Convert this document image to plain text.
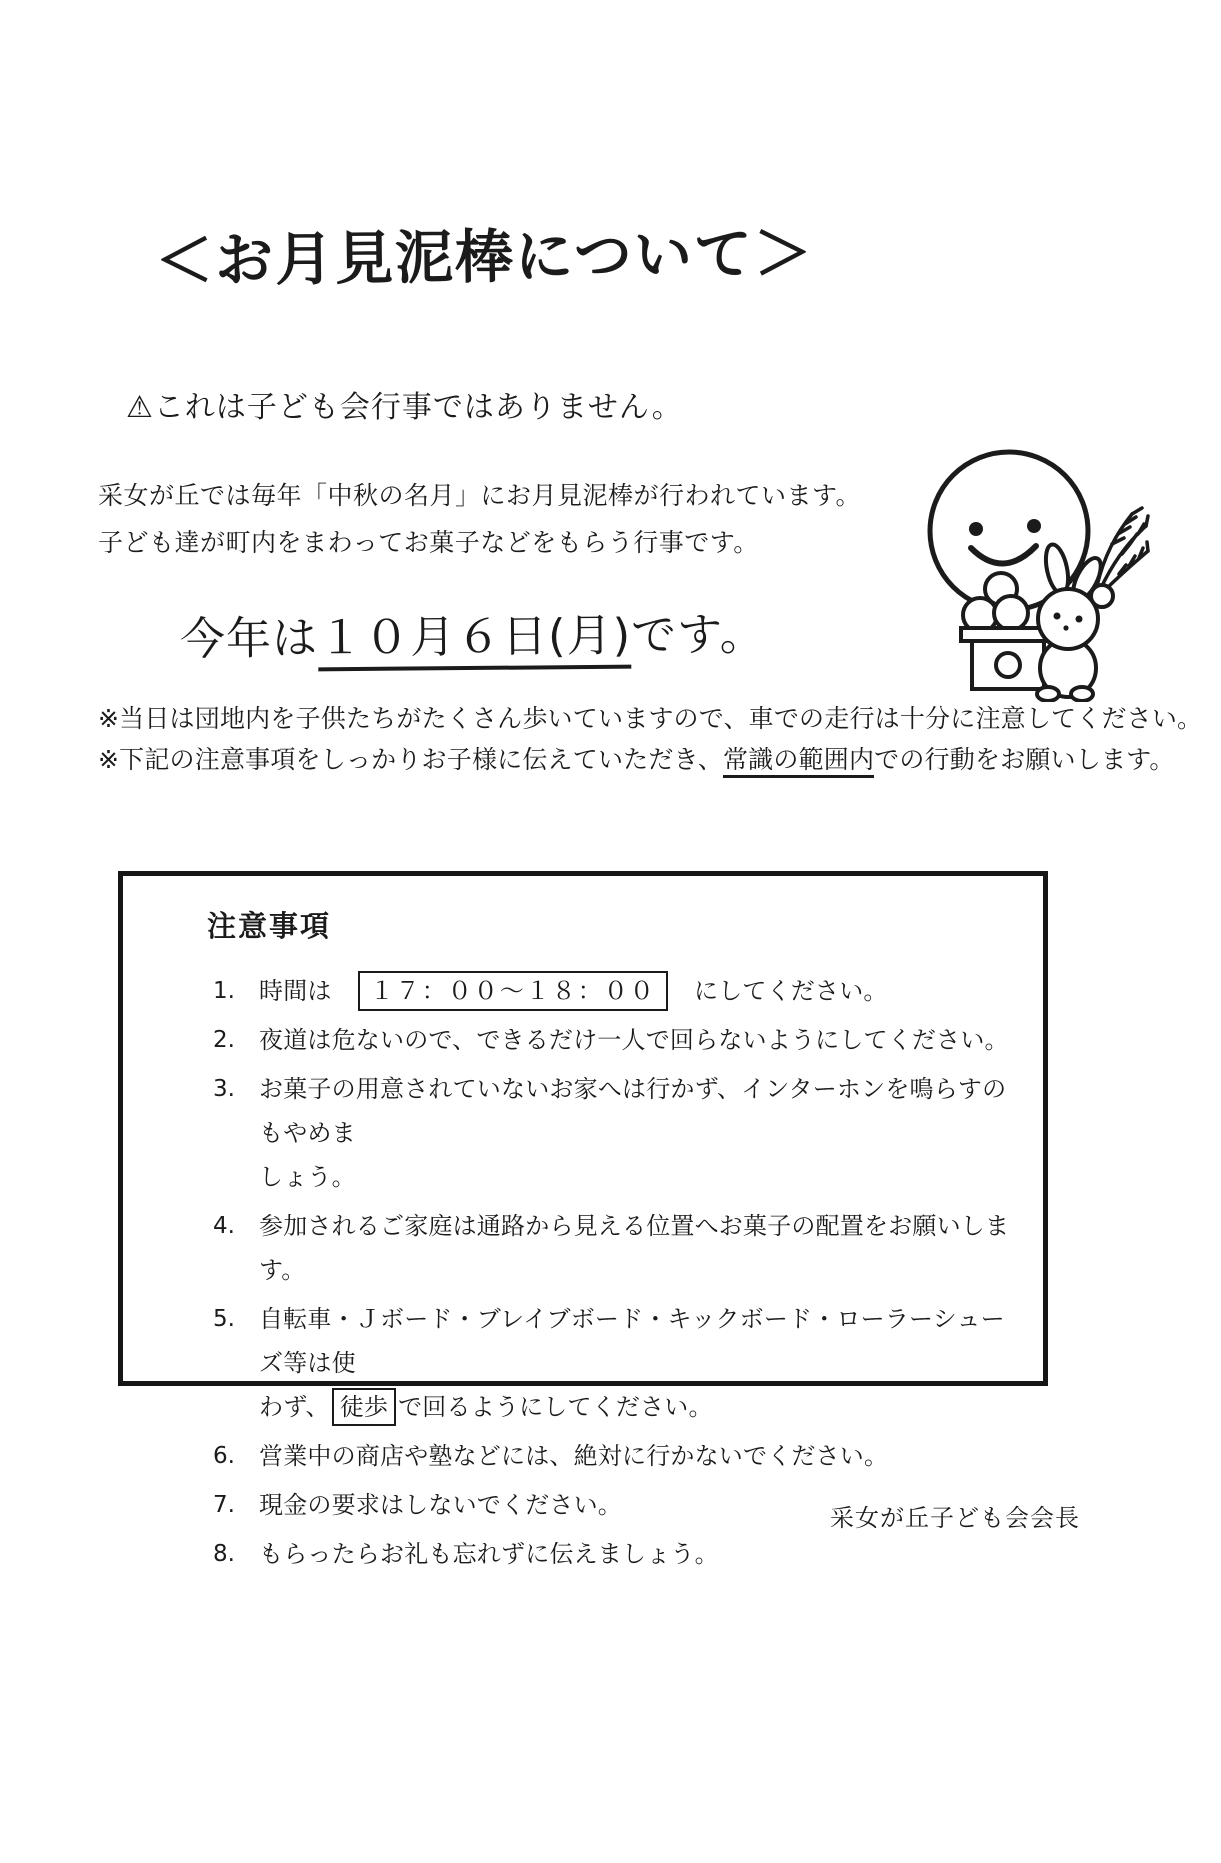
＜お月見泥棒について＞
⚠これは子ども会行事ではありません。
采女が丘では毎年「中秋の名月」にお月見泥棒が行われています。
子ども達が町内をまわってお菓子などをもらう行事です。
今年は１０月６日(月)です。
※当日は団地内を子供たちがたくさん歩いていますので、車での走行は十分に注意してください。
※下記の注意事項をしっかりお子様に伝えていただき、常識の範囲内での行動をお願いします。
注意事項
1.	時間は　１７：００～１８：００　にしてください。
2.	夜道は危ないので、できるだけ一人で回らないようにしてください。
3.	お菓子の用意されていないお家へは行かず、インターホンを鳴らすのもやめま
しょう。
4.	参加されるご家庭は通路から見える位置へお菓子の配置をお願いします。
5.	自転車・Ｊボード・ブレイブボード・キックボード・ローラーシューズ等は使
わず、 徒歩 で回るようにしてください。
6.	営業中の商店や塾などには、絶対に行かないでください。
7.	現金の要求はしないでください。
8.	もらったらお礼も忘れずに伝えましょう。
采女が丘子ども会会長
